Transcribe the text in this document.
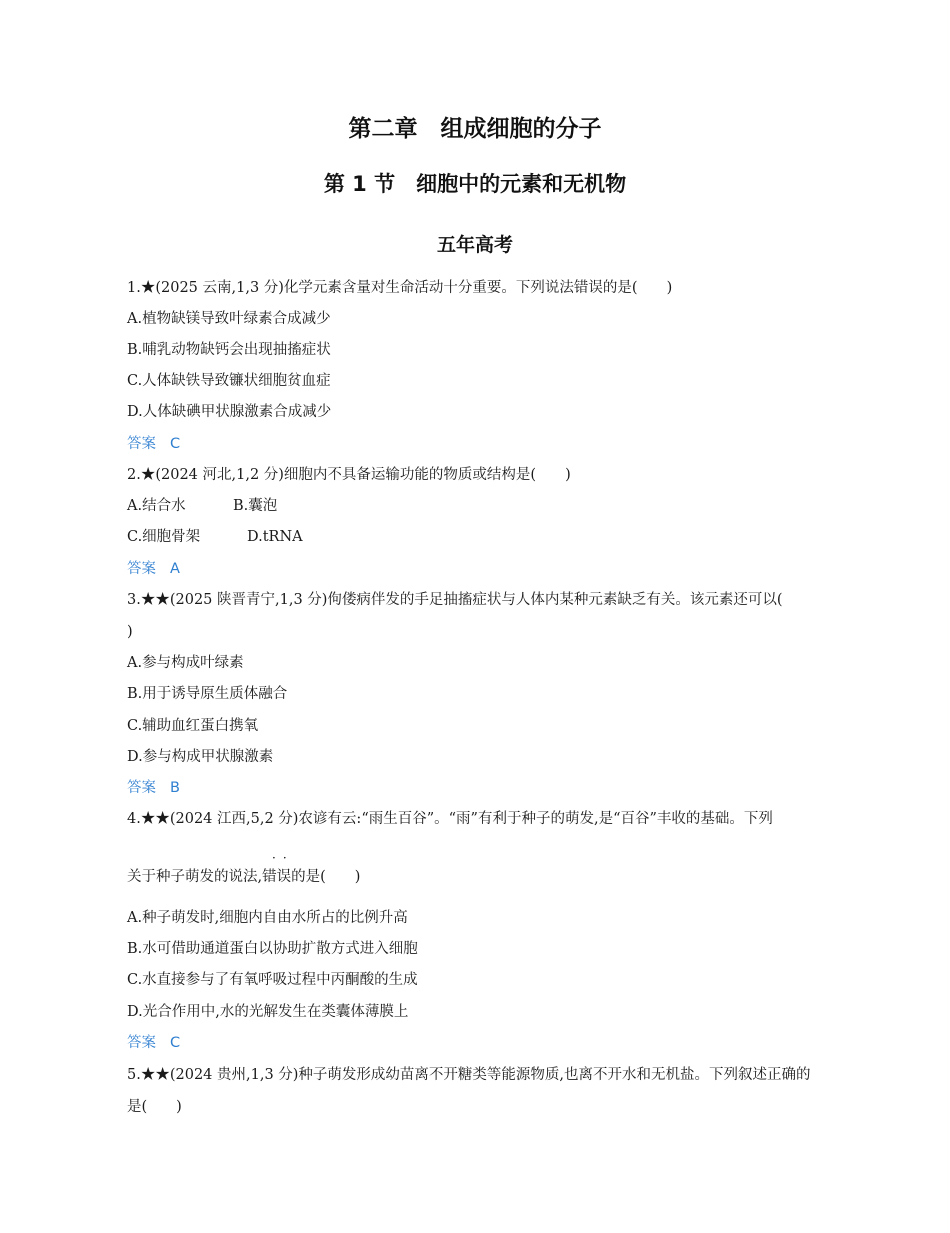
第二章　组成细胞的分子
第 1 节　细胞中的元素和无机物
五年高考
1.★(2025 云南,1,3 分)化学元素含量对生命活动十分重要。下列说法错误的是(　　)
A.植物缺镁导致叶绿素合成减少
B.哺乳动物缺钙会出现抽搐症状
C.人体缺铁导致镰状细胞贫血症
D.人体缺碘甲状腺激素合成减少
答案 C
2.★(2024 河北,1,2 分)细胞内不具备运输功能的物质或结构是(　　)
A.结合水	B.囊泡
C.细胞骨架	D.tRNA
答案 A
3.★★(2025 陕晋青宁,1,3 分)佝偻病伴发的手足抽搐症状与人体内某种元素缺乏有关。该元素还可以(
)
A.参与构成叶绿素
B.用于诱导原生质体融合
C.辅助血红蛋白携氧
D.参与构成甲状腺激素
答案 B
4.★★(2024 江西,5,2 分)农谚有云:“雨生百谷”。“雨”有利于种子的萌发,是“百谷”丰收的基础。下列
··
关于种子萌发的说法,错误的是(　　)
A.种子萌发时,细胞内自由水所占的比例升高
B.水可借助通道蛋白以协助扩散方式进入细胞
C.水直接参与了有氧呼吸过程中丙酮酸的生成
D.光合作用中,水的光解发生在类囊体薄膜上
答案 C
5.★★(2024 贵州,1,3 分)种子萌发形成幼苗离不开糖类等能源物质,也离不开水和无机盐。下列叙述正确的
是(　　)
